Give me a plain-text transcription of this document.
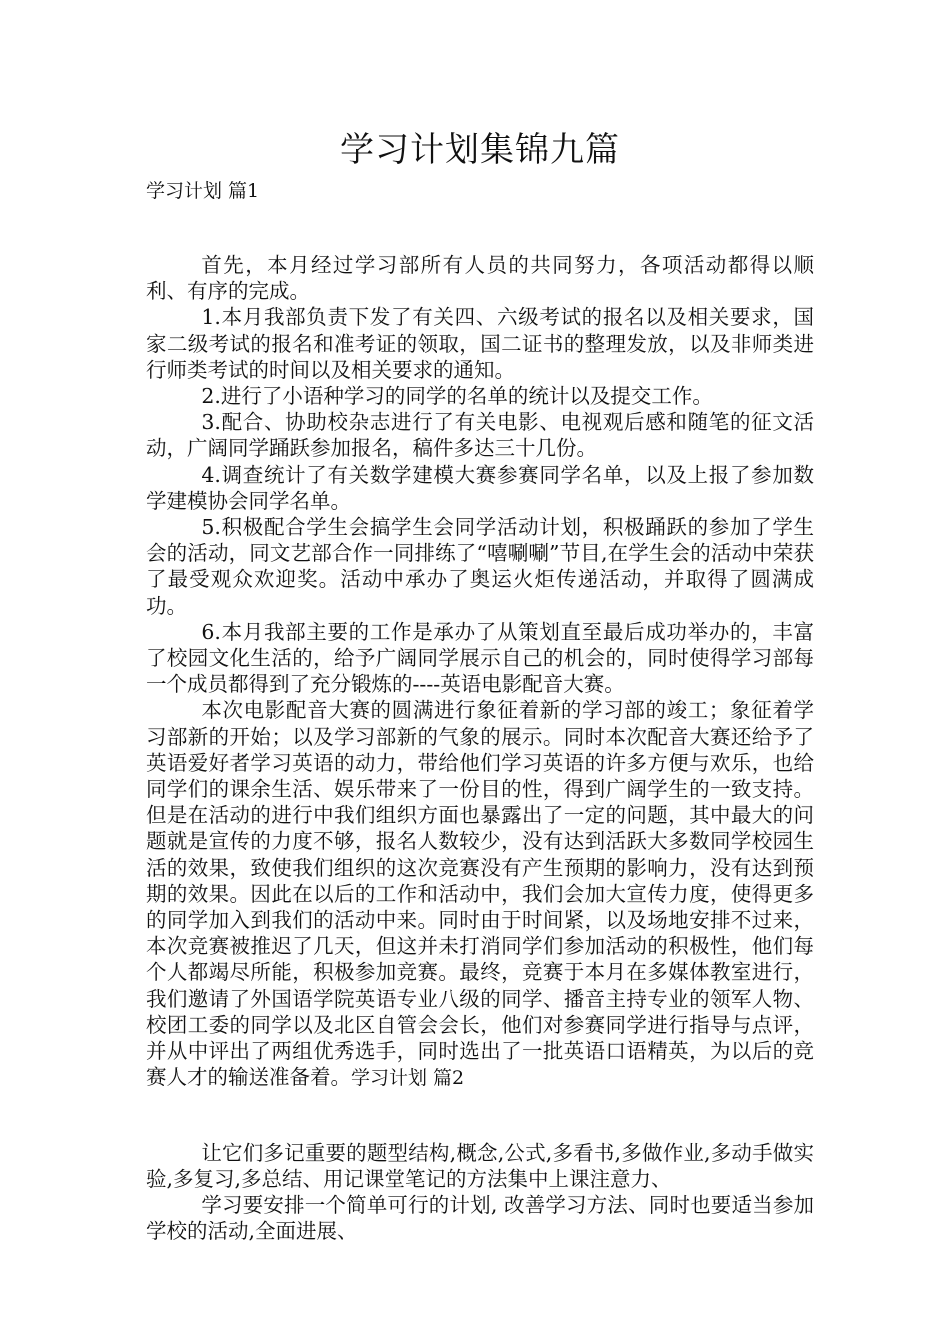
学习计划集锦九篇

学习计划 篇1

首先，本月经过学习部所有人员的共同努力，各项活动都得以顺利、有序的完成。

1.本月我部负责下发了有关四、六级考试的报名以及相关要求，国家二级考试的报名和准考证的领取，国二证书的整理发放，以及非师类进行师类考试的时间以及相关要求的通知。

2.进行了小语种学习的同学的名单的统计以及提交工作。

3.配合、协助校杂志进行了有关电影、电视观后感和随笔的征文活动，广阔同学踊跃参加报名，稿件多达三十几份。

4.调查统计了有关数学建模大赛参赛同学名单，以及上报了参加数学建模协会同学名单。

5.积极配合学生会搞学生会同学活动计划，积极踊跃的参加了学生会的活动，同文艺部合作一同排练了“嘻唰唰”节目,在学生会的活动中荣获了最受观众欢迎奖。活动中承办了奥运火炬传递活动，并取得了圆满成功。

6.本月我部主要的工作是承办了从策划直至最后成功举办的，丰富了校园文化生活的，给予广阔同学展示自己的机会的，同时使得学习部每一个成员都得到了充分锻炼的----英语电影配音大赛。

本次电影配音大赛的圆满进行象征着新的学习部的竣工；象征着学习部新的开始；以及学习部新的气象的展示。同时本次配音大赛还给予了英语爱好者学习英语的动力，带给他们学习英语的许多方便与欢乐，也给同学们的课余生活、娱乐带来了一份目的性，得到广阔学生的一致支持。但是在活动的进行中我们组织方面也暴露出了一定的问题，其中最大的问题就是宣传的力度不够，报名人数较少，没有达到活跃大多数同学校园生活的效果，致使我们组织的这次竞赛没有产生预期的影响力，没有达到预期的效果。因此在以后的工作和活动中，我们会加大宣传力度，使得更多的同学加入到我们的活动中来。同时由于时间紧，以及场地安排不过来，本次竞赛被推迟了几天，但这并未打消同学们参加活动的积极性，他们每个人都竭尽所能，积极参加竞赛。最终，竞赛于本月在多媒体教室进行，我们邀请了外国语学院英语专业八级的同学、播音主持专业的领军人物、校团工委的同学以及北区自管会会长，他们对参赛同学进行指导与点评，并从中评出了两组优秀选手，同时选出了一批英语口语精英，为以后的竞赛人才的输送准备着。学习计划 篇2

让它们多记重要的题型结构,概念,公式,多看书,多做作业,多动手做实验,多复习,多总结、用记课堂笔记的方法集中上课注意力、

学习要安排一个简单可行的计划, 改善学习方法、同时也要适当参加学校的活动,全面进展、
